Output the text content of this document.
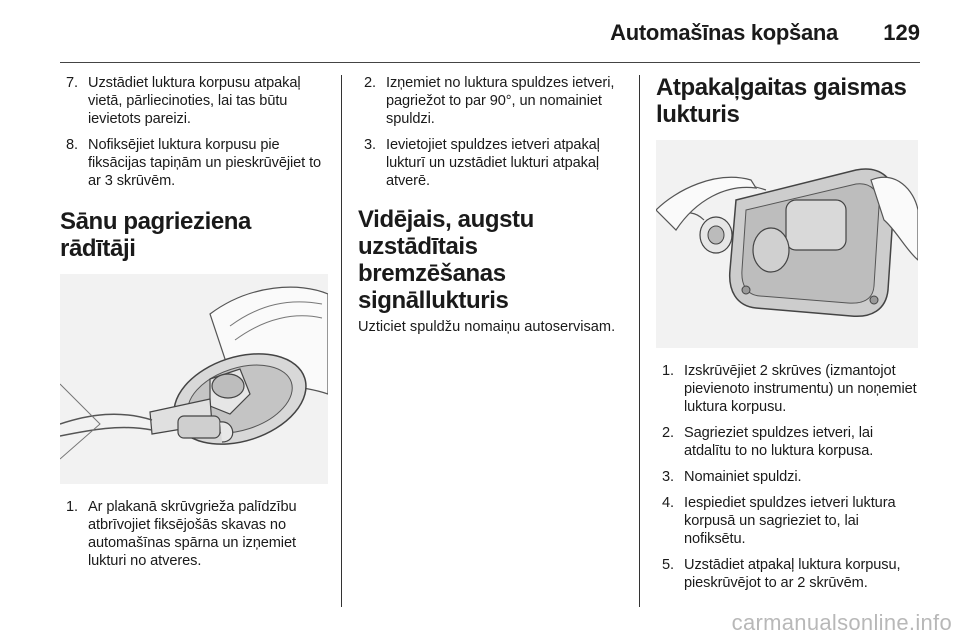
Automašīnas kopšana 129
7. Uzstādiet luktura korpusu atpakaļ vietā, pārliecinoties, lai tas būtu ievietots pareizi.
8. Nofiksējiet luktura korpusu pie fiksācijas tapiņām un pieskrūvējiet to ar 3 skrūvēm.
Sānu pagrieziena rādītāji
1. Ar plakanā skrūvgrieža palīdzību atbrīvojiet fiksējošās skavas no automašīnas spārna un izņemiet lukturi no atveres.
2. Izņemiet no luktura spuldzes ietveri, pagriežot to par 90°, un nomainiet spuldzi.
3. Ievietojiet spuldzes ietveri atpakaļ lukturī un uzstādiet lukturi atpakaļ atverē.
Vidējais, augstu uzstādītais bremzēšanas signāllukturis

Uzticiet spuldžu nomaiņu autoservisam.

Atpakaļgaitas gaismas lukturis
1. Izskrūvējiet 2 skrūves (izmantojot pievienoto instrumentu) un noņemiet luktura korpusu.
2. Sagrieziet spuldzes ietveri, lai atdalītu to no luktura korpusa.
3. Nomainiet spuldzi.
4. Iespiediet spuldzes ietveri luktura korpusā un sagrieziet to, lai nofiksētu.
5. Uzstādiet atpakaļ luktura korpusu, pieskrūvējot to ar 2 skrūvēm.
carmanualsonline.info
